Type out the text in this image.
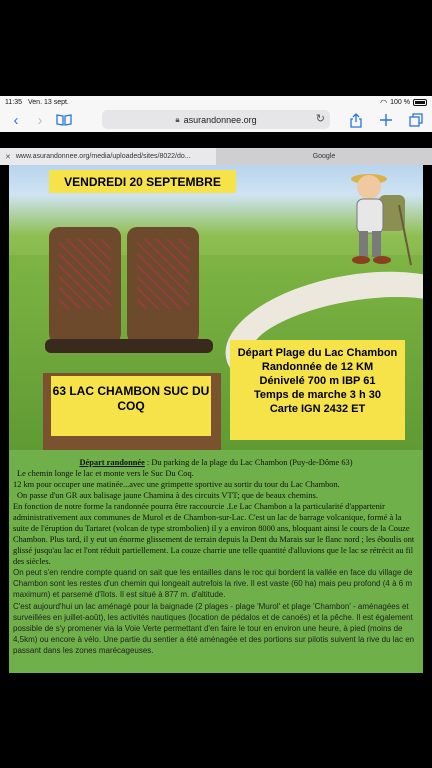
11:35 Ven. 13 sept.	◠ 100 %
‹	›	🔒︎ asurandonnee.org	↻
✕ www.asurandonnee.org/media/uploaded/sites/8022/do...	Google
VENDREDI 20 SEPTEMBRE
63 LAC CHAMBON SUC DU COQ
Départ Plage du Lac Chambon
Randonnée de 12 KM
Dénivelé 700 m IBP 61
Temps de marche 3 h 30
Carte IGN 2432 ET

Départ randonnée : Du parking de la plage du Lac Chambon (Puy-de-Dôme 63)

Le chemin longe le lac et monte vers le Suc Du Coq.

12 km pour occuper une matinée...avec une grimpette sportive au sortir du tour du Lac Chambon.

On passe d'un GR aux balisage jaune Chamina à des circuits VTT; que de beaux chemins.

En fonction de notre forme la randonnée pourra être raccourcie .Le Lac Chambon a la particularité d'appartenir administrativement aux communes de Murol et de Chambon-sur-Lac. C'est un lac de barrage volcanique, formé à la suite de l'éruption du Tartaret (volcan de type strombolien) il y a environ 8000 ans, bloquant ainsi le cours de la Couze Chambon. Plus tard, il y eut un énorme glissement de terrain depuis la Dent du Marais sur le flanc nord ; les éboulis ont glissé jusqu'au lac et l'ont réduit partiellement. La couze charrie une telle quantité d'alluvions que le lac se rétrécit au fil des siècles.

On peut s'en rendre compte quand on sait que les entailles dans le roc qui bordent la vallée en face du village de Chambon sont les restes d'un chemin qui longeait autrefois la rive. Il est vaste (60 ha) mais peu profond (4 à 6 m maximum) et parsemé d'îlots. Il est situé à 877 m. d'altitude.

C'est aujourd'hui un lac aménagé pour la baignade (2 plages - plage 'Murol' et plage 'Chambon' - aménagées et surveillées en juillet-août), les activités nautiques (location de pédalos et de canoës) et la pêche. Il est également possible de s'y promener via la Voie Verte permettant d'en faire le tour en environ une heure, à pied (moins de 4,5km) ou encore à vélo. Une partie du sentier a été aménagée et des portions sur pilotis suivent la rive du lac en passant dans les zones marécageuses.
